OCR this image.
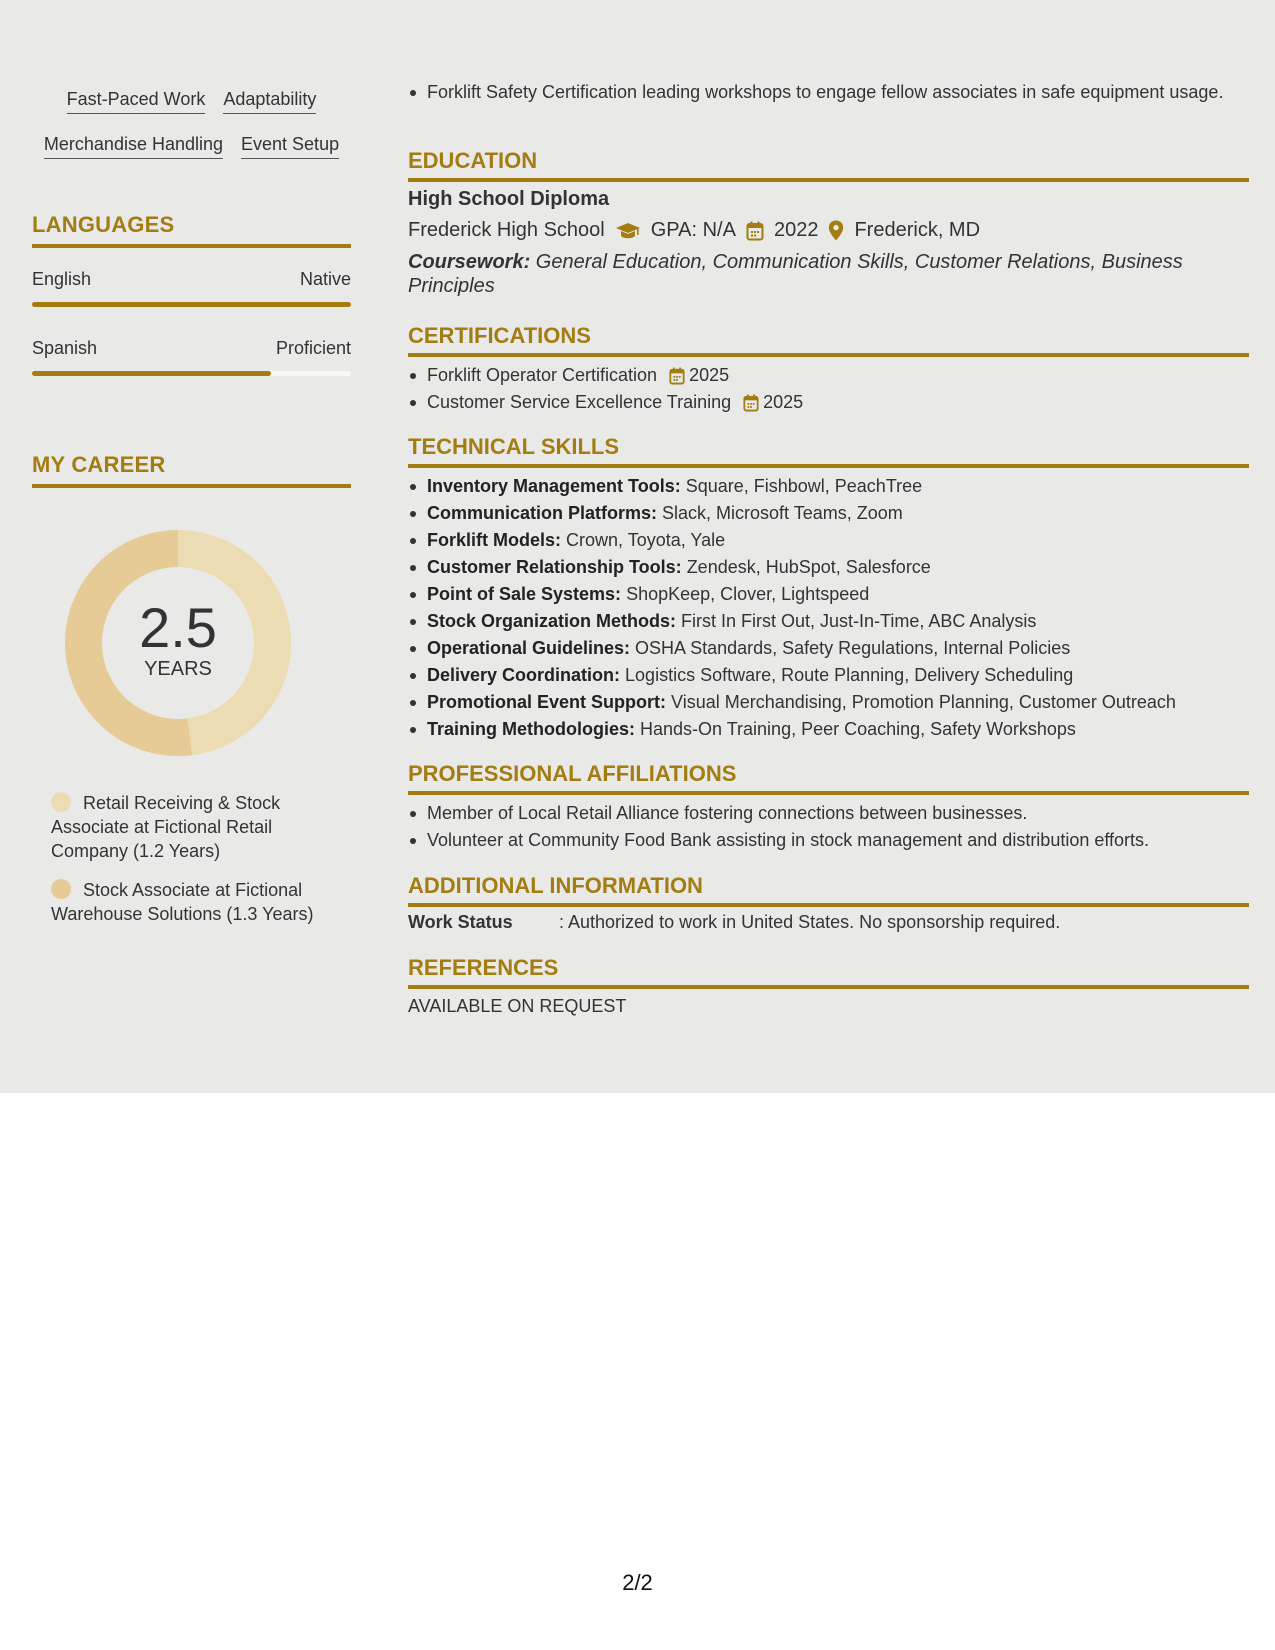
Fast-Paced Work Adaptability
Merchandise Handling Event Setup
LANGUAGES
English	Native
Spanish	Proficient
MY CAREER
2.5
YEARS
Retail Receiving & Stock Associate at Fictional Retail Company (1.2 Years)
Stock Associate at Fictional Warehouse Solutions (1.3 Years)
Forklift Safety Certification leading workshops to engage fellow associates in safe equipment usage.
EDUCATION
High School Diploma
Frederick High School GPA: N/A 2022 Frederick, MD
Coursework: General Education, Communication Skills, Customer Relations, Business Principles
CERTIFICATIONS
Forklift Operator Certification 2025
Customer Service Excellence Training 2025
TECHNICAL SKILLS
Inventory Management Tools: Square, Fishbowl, PeachTree
Communication Platforms: Slack, Microsoft Teams, Zoom
Forklift Models: Crown, Toyota, Yale
Customer Relationship Tools: Zendesk, HubSpot, Salesforce
Point of Sale Systems: ShopKeep, Clover, Lightspeed
Stock Organization Methods: First In First Out, Just-In-Time, ABC Analysis
Operational Guidelines: OSHA Standards, Safety Regulations, Internal Policies
Delivery Coordination: Logistics Software, Route Planning, Delivery Scheduling
Promotional Event Support: Visual Merchandising, Promotion Planning, Customer Outreach
Training Methodologies: Hands-On Training, Peer Coaching, Safety Workshops
PROFESSIONAL AFFILIATIONS
Member of Local Retail Alliance fostering connections between businesses.
Volunteer at Community Food Bank assisting in stock management and distribution efforts.
ADDITIONAL INFORMATION
Work Status	: Authorized to work in United States. No sponsorship required.
REFERENCES
AVAILABLE ON REQUEST
2/2
